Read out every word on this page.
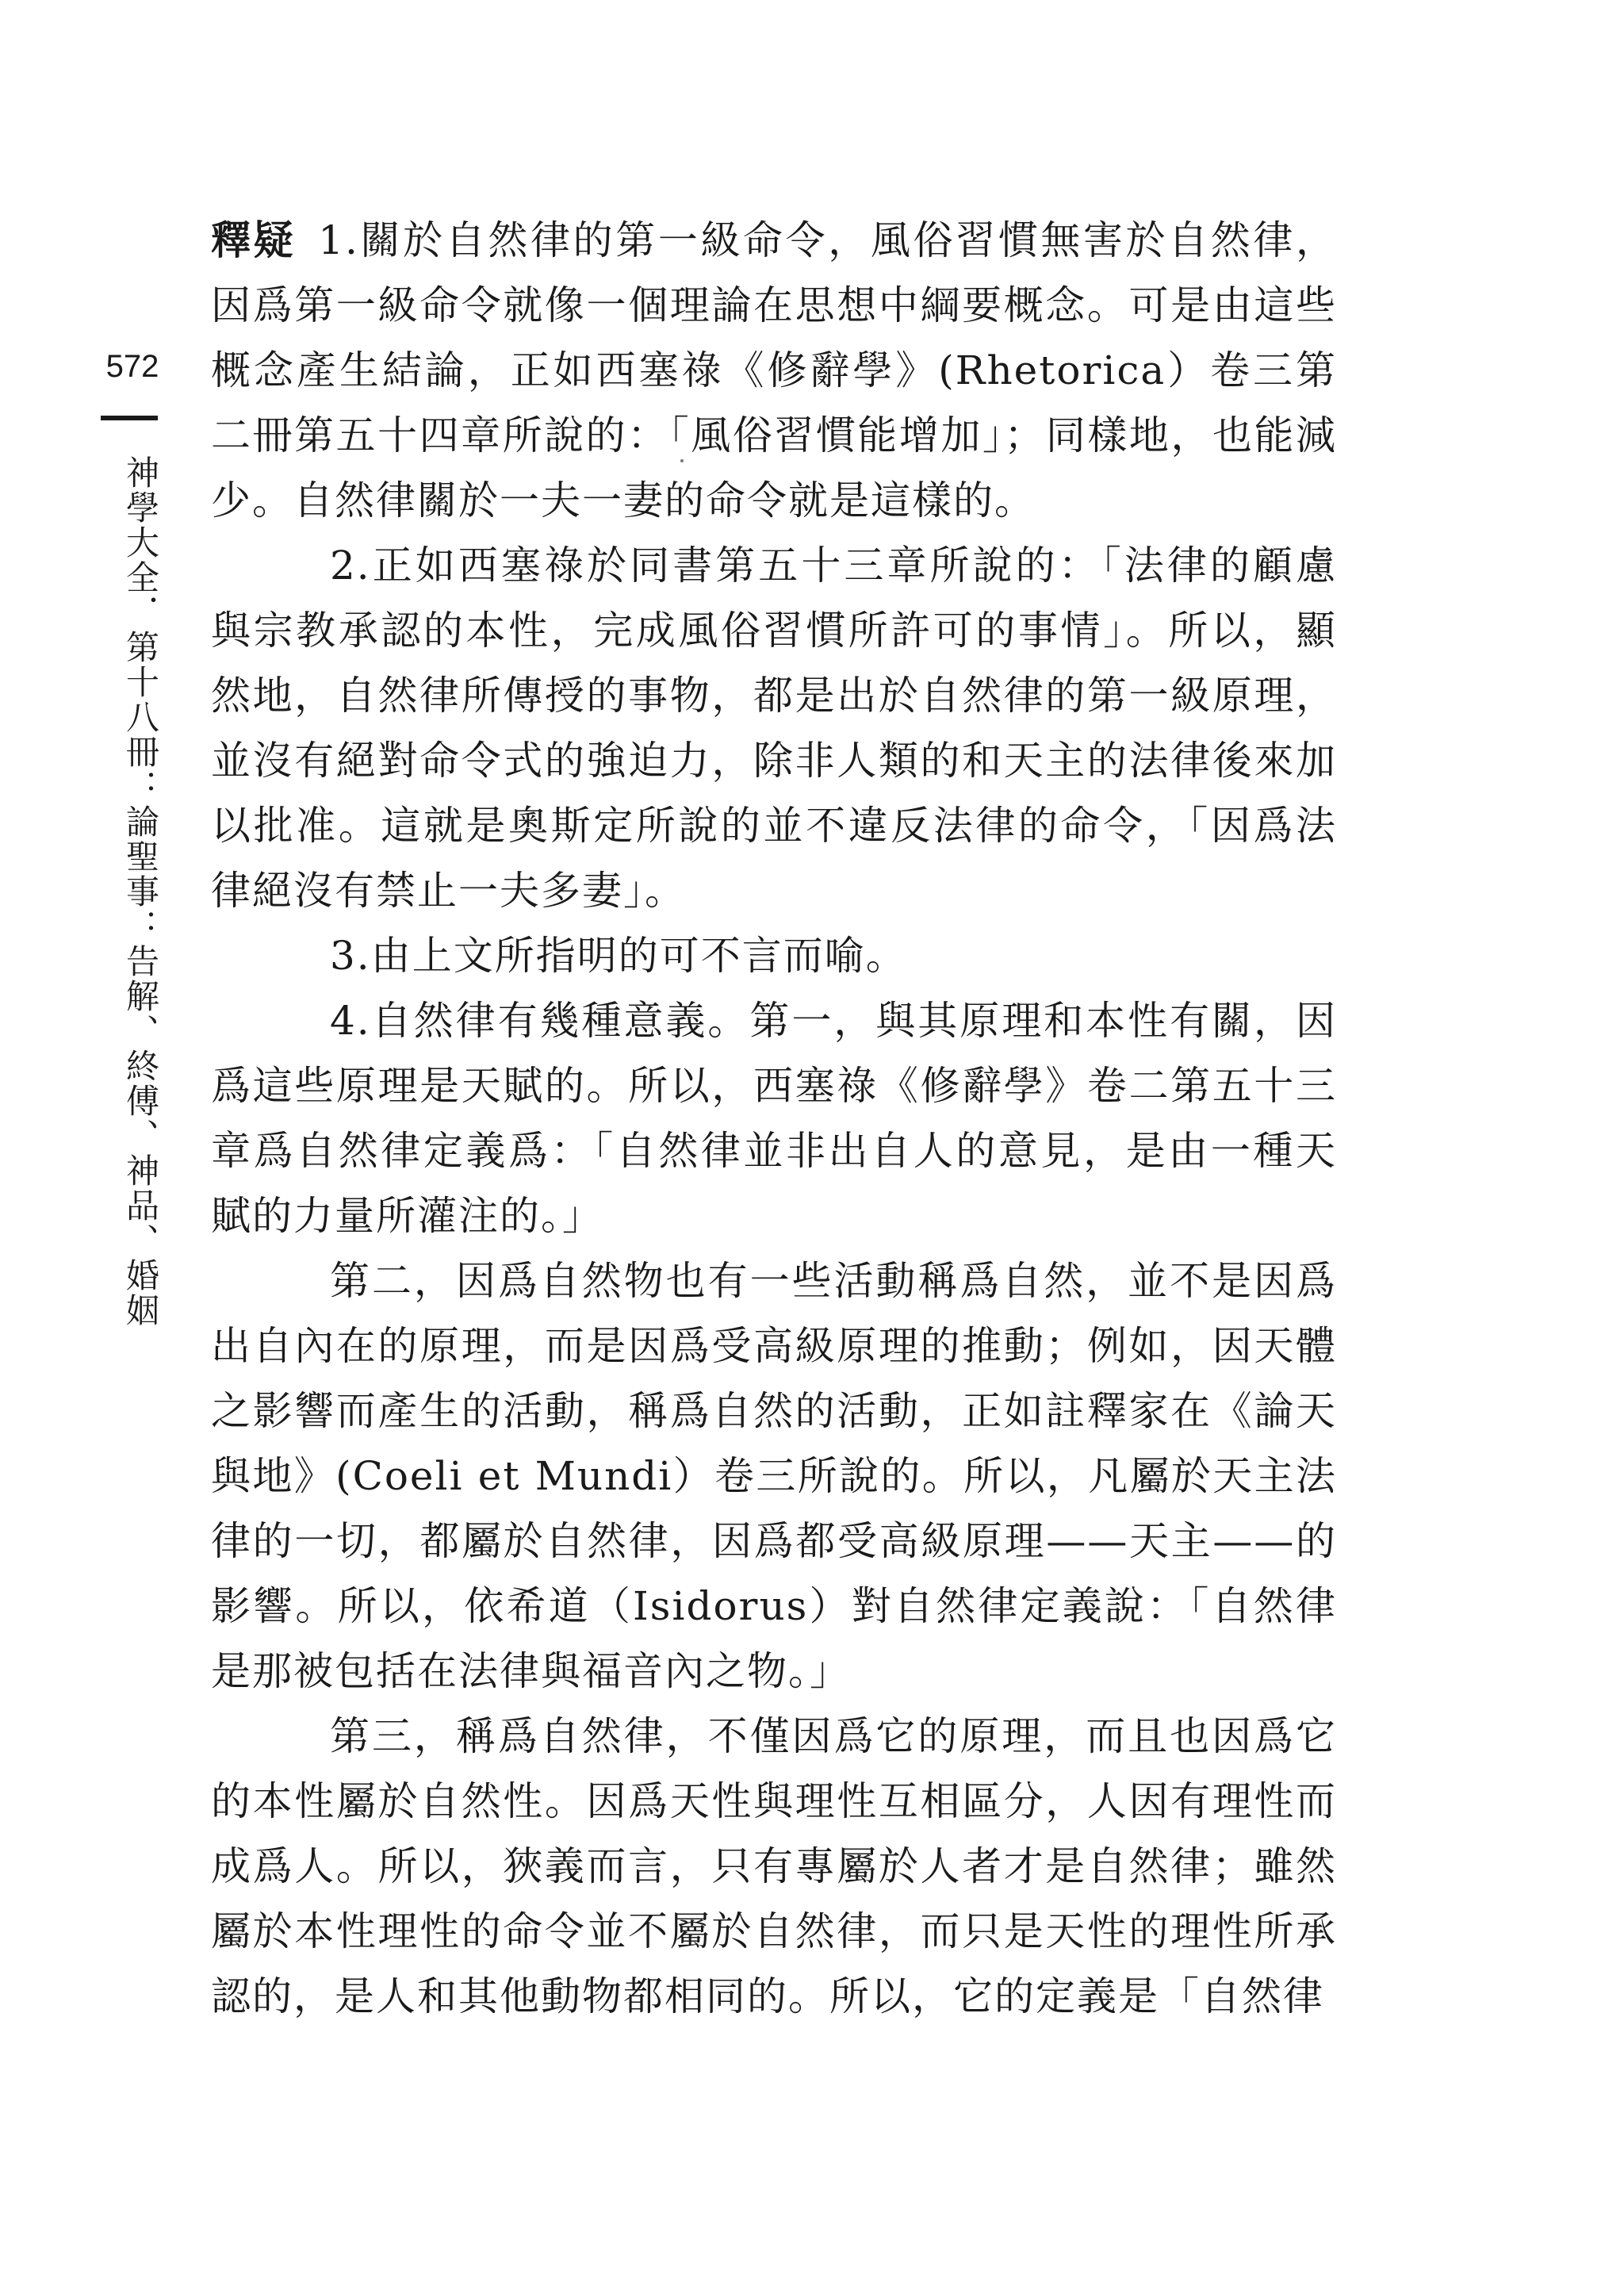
572
神學大全．第十八冊：論聖事：告解、終傅、神品、婚姻

釋疑 1.關於自然律的第一級命令，風俗習慣無害於自然律，因爲第一級命令就像一個理論在思想中綱要概念。可是由這些概念產生結論，正如西塞祿《修辭學》(Rhetorica）卷三第二冊第五十四章所說的：「風俗習慣能增加」；同樣地，也能減少。自然律關於一夫一妻的命令就是這樣的。

2.正如西塞祿於同書第五十三章所說的：「法律的顧慮與宗教承認的本性，完成風俗習慣所許可的事情」。所以，顯然地，自然律所傳授的事物，都是出於自然律的第一級原理，並沒有絕對命令式的強迫力，除非人類的和天主的法律後來加以批准。這就是奧斯定所說的並不違反法律的命令，「因爲法律絕沒有禁止一夫多妻」。

3.由上文所指明的可不言而喻。

4.自然律有幾種意義。第一，與其原理和本性有關，因爲這些原理是天賦的。所以，西塞祿《修辭學》卷二第五十三章爲自然律定義爲：「自然律並非出自人的意見，是由一種天賦的力量所灌注的。」

第二，因爲自然物也有一些活動稱爲自然，並不是因爲出自內在的原理，而是因爲受高級原理的推動；例如，因天體之影響而產生的活動，稱爲自然的活動，正如註釋家在《論天與地》(Coeli et Mundi）卷三所說的。所以，凡屬於天主法律的一切，都屬於自然律，因爲都受高級原理——天主——的影響。所以，依希道（Isidorus）對自然律定義說：「自然律是那被包括在法律與福音內之物。」

第三，稱爲自然律，不僅因爲它的原理，而且也因爲它的本性屬於自然性。因爲天性與理性互相區分，人因有理性而成爲人。所以，狹義而言，只有專屬於人者才是自然律；雖然屬於本性理性的命令並不屬於自然律，而只是天性的理性所承認的，是人和其他動物都相同的。所以，它的定義是「自然律
